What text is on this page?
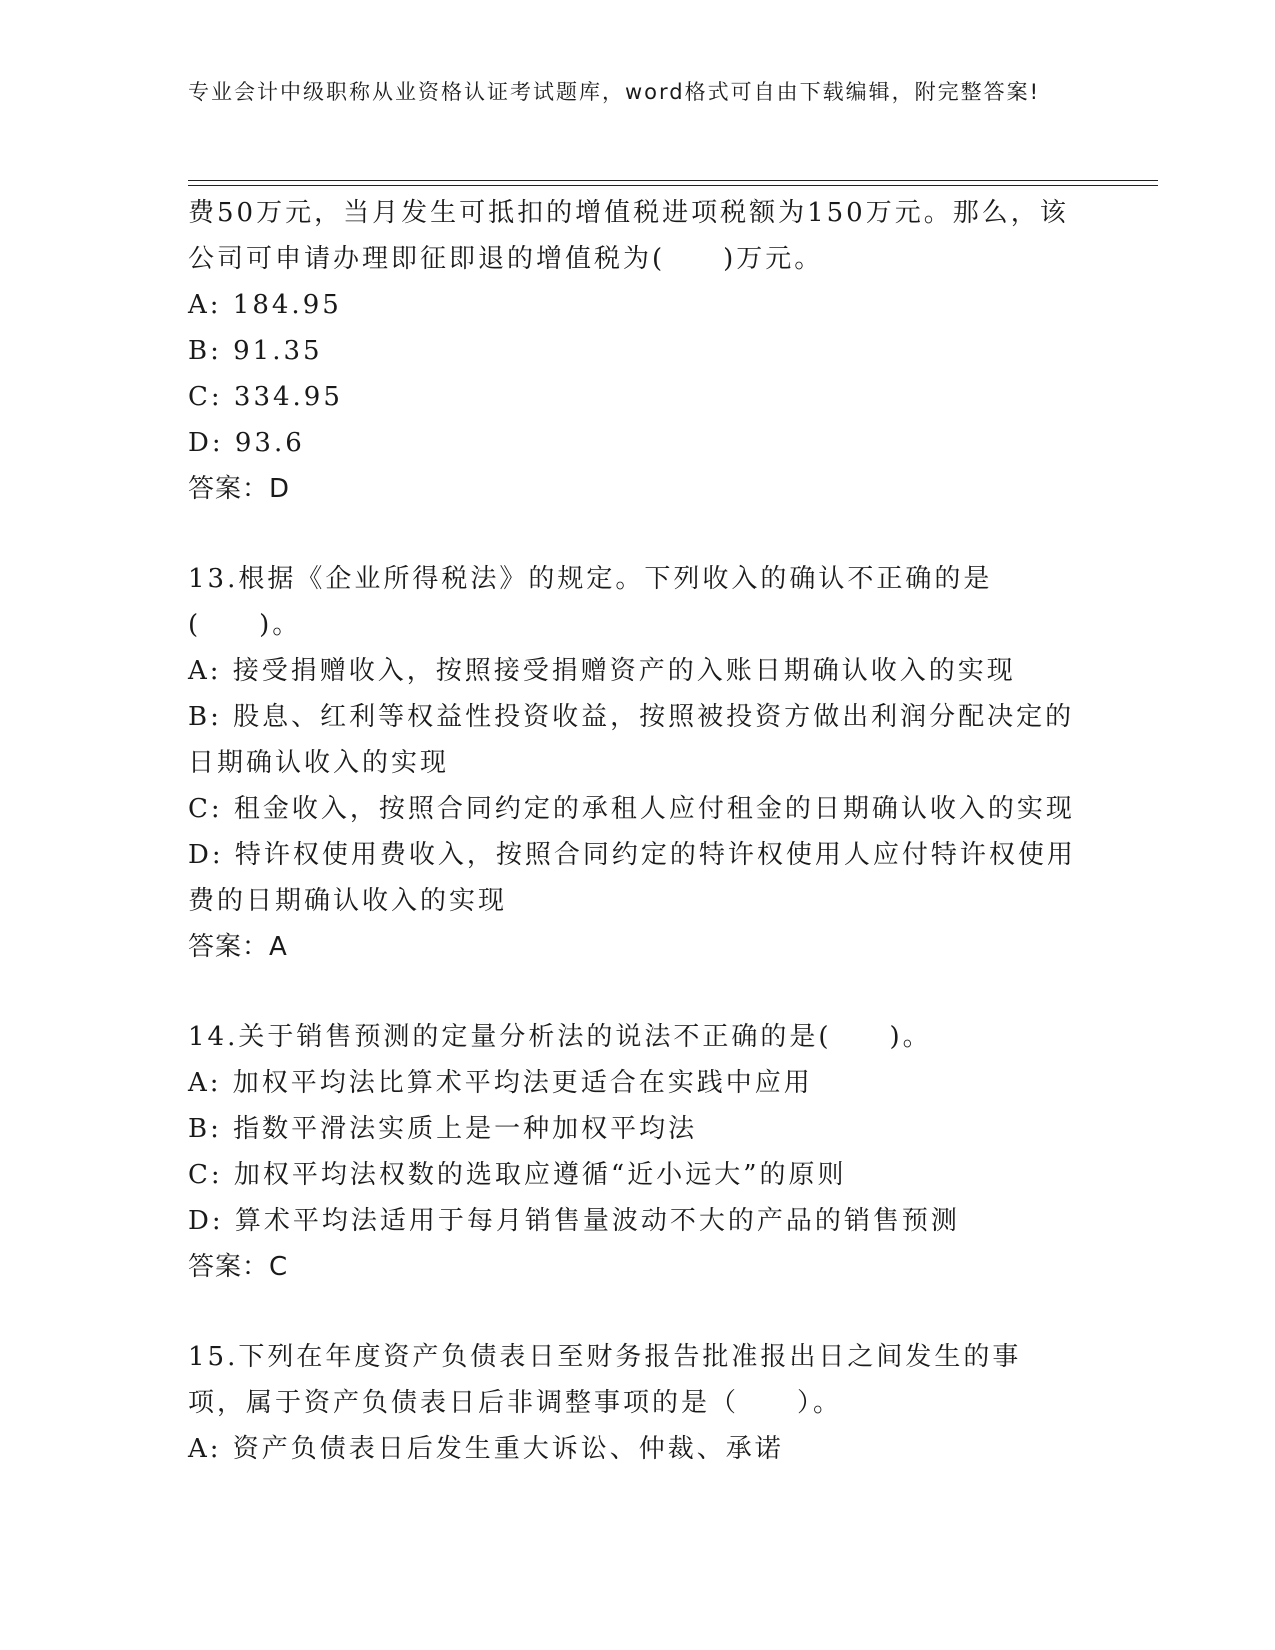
专业会计中级职称从业资格认证考试题库，word格式可自由下载编辑，附完整答案!

费50万元，当月发生可抵扣的增值税进项税额为150万元。那么，该公司可申请办理即征即退的增值税为(　　)万元。

A: 184.95

B: 91.35

C: 334.95

D: 93.6

答案：D

13.根据《企业所得税法》的规定。下列收入的确认不正确的是(　　)。

A: 接受捐赠收入，按照接受捐赠资产的入账日期确认收入的实现

B: 股息、红利等权益性投资收益，按照被投资方做出利润分配决定的日期确认收入的实现

C: 租金收入，按照合同约定的承租人应付租金的日期确认收入的实现

D: 特许权使用费收入，按照合同约定的特许权使用人应付特许权使用费的日期确认收入的实现

答案：A

14.关于销售预测的定量分析法的说法不正确的是(　　)。

A: 加权平均法比算术平均法更适合在实践中应用

B: 指数平滑法实质上是一种加权平均法

C: 加权平均法权数的选取应遵循“近小远大”的原则

D: 算术平均法适用于每月销售量波动不大的产品的销售预测

答案：C

15.下列在年度资产负债表日至财务报告批准报出日之间发生的事项，属于资产负债表日后非调整事项的是（　　）。

A: 资产负债表日后发生重大诉讼、仲裁、承诺
